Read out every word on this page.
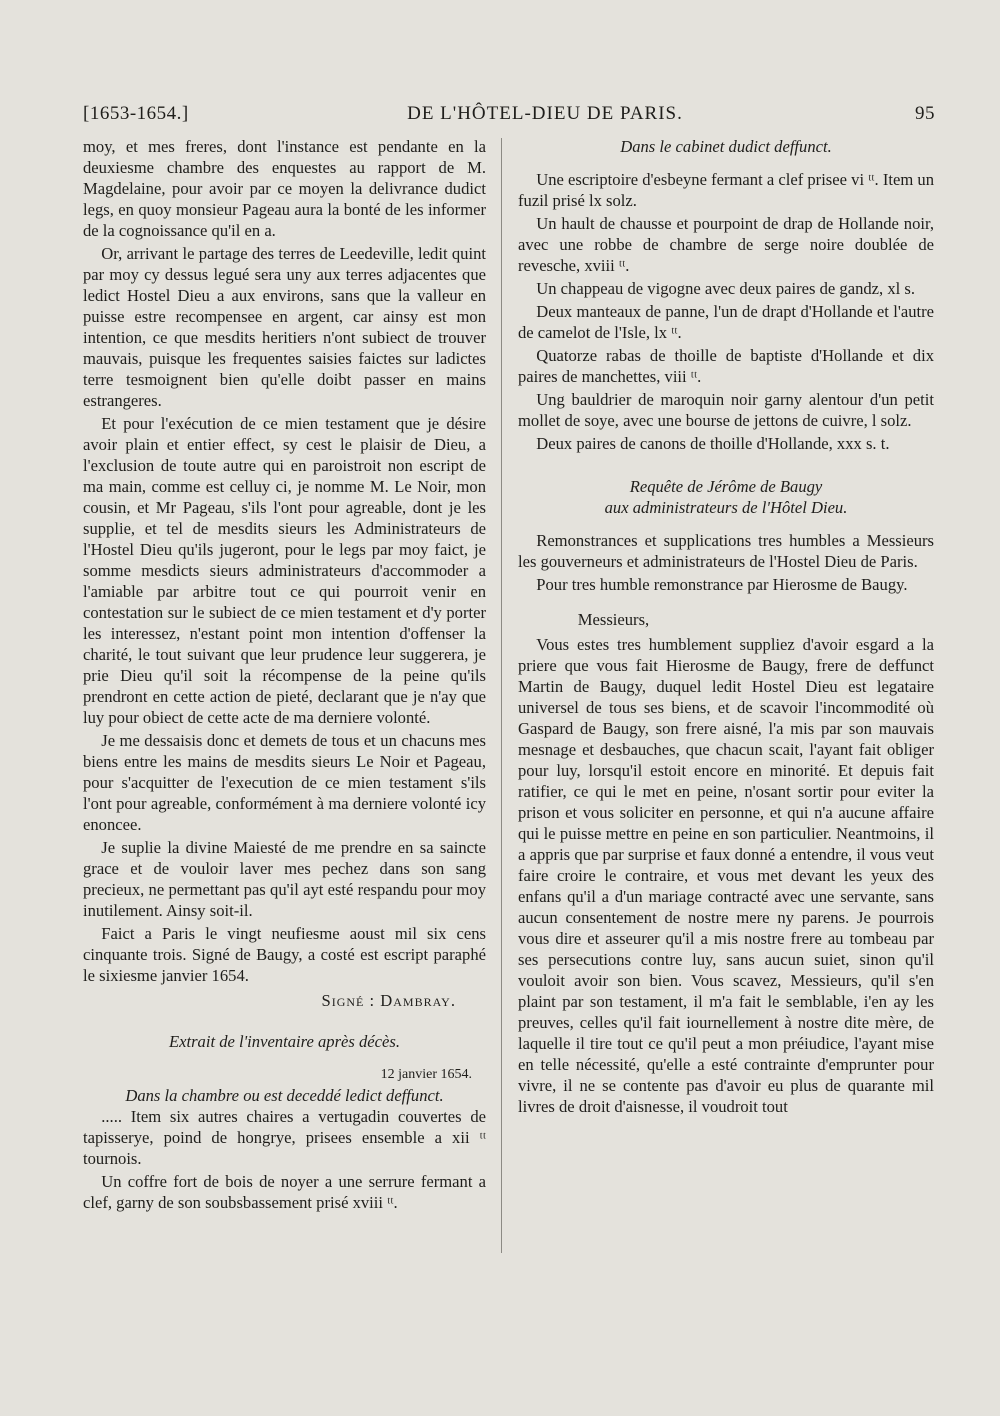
[1653-1654.]	DE L'HÔTEL-DIEU DE PARIS.	95

moy, et mes freres, dont l'instance est pendante en la deuxiesme chambre des enquestes au rapport de M. Magdelaine, pour avoir par ce moyen la delivrance dudict legs, en quoy monsieur Pageau aura la bonté de les informer de la cognoissance qu'il en a.

Or, arrivant le partage des terres de Leedeville, ledit quint par moy cy dessus legué sera uny aux terres adjacentes que ledict Hostel Dieu a aux environs, sans que la valleur en puisse estre recompensee en argent, car ainsy est mon intention, ce que mesdits heritiers n'ont subiect de trouver mauvais, puisque les frequentes saisies faictes sur ladictes terre tesmoignent bien qu'elle doibt passer en mains estrangeres.

Et pour l'exécution de ce mien testament que je désire avoir plain et entier effect, sy cest le plaisir de Dieu, a l'exclusion de toute autre qui en paroistroit non escript de ma main, comme est celluy ci, je nomme M. Le Noir, mon cousin, et Mr Pageau, s'ils l'ont pour agreable, dont je les supplie, et tel de mesdits sieurs les Administrateurs de l'Hostel Dieu qu'ils jugeront, pour le legs par moy faict, je somme mesdicts sieurs administrateurs d'accommoder a l'amiable par arbitre tout ce qui pourroit venir en contestation sur le subiect de ce mien testament et d'y porter les interessez, n'estant point mon intention d'offenser la charité, le tout suivant que leur prudence leur suggerera, je prie Dieu qu'il soit la récompense de la peine qu'ils prendront en cette action de pieté, declarant que je n'ay que luy pour obiect de cette acte de ma derniere volonté.

Je me dessaisis donc et demets de tous et un chacuns mes biens entre les mains de mesdits sieurs Le Noir et Pageau, pour s'acquitter de l'execution de ce mien testament s'ils l'ont pour agreable, conformément à ma derniere volonté icy enoncee.

Je suplie la divine Maiesté de me prendre en sa saincte grace et de vouloir laver mes pechez dans son sang precieux, ne permettant pas qu'il ayt esté respandu pour moy inutilement. Ainsy soit-il.

Faict a Paris le vingt neufiesme aoust mil six cens cinquante trois. Signé de Baugy, a costé est escript paraphé le sixiesme janvier 1654.

Signé : Dambray.

Extrait de l'inventaire après décès.

12 janvier 1654.

Dans la chambre ou est deceddé ledict deffunct.

..... Item six autres chaires a vertugadin couvertes de tapisserye, poind de hongrye, prisees ensemble a xii ᵗᵗ tournois.

Un coffre fort de bois de noyer a une serrure fermant a clef, garny de son soubsbassement prisé xviii ᵗᵗ.

Dans le cabinet dudict deffunct.

Une escriptoire d'esbeyne fermant a clef prisee vi ᵗᵗ. Item un fuzil prisé lx solz.

Un hault de chausse et pourpoint de drap de Hollande noir, avec une robbe de chambre de serge noire doublée de revesche, xviii ᵗᵗ.

Un chappeau de vigogne avec deux paires de gandz, xl s.

Deux manteaux de panne, l'un de drapt d'Hollande et l'autre de camelot de l'Isle, lx ᵗᵗ.

Quatorze rabas de thoille de baptiste d'Hollande et dix paires de manchettes, viii ᵗᵗ.

Ung bauldrier de maroquin noir garny alentour d'un petit mollet de soye, avec une bourse de jettons de cuivre, l solz.

Deux paires de canons de thoille d'Hollande, xxx s. t.

Requête de Jérôme de Baugy

aux administrateurs de l'Hôtel Dieu.

Remonstrances et supplications tres humbles a Messieurs les gouverneurs et administrateurs de l'Hostel Dieu de Paris.

Pour tres humble remonstrance par Hierosme de Baugy.

Messieurs,

Vous estes tres humblement suppliez d'avoir esgard a la priere que vous fait Hierosme de Baugy, frere de deffunct Martin de Baugy, duquel ledit Hostel Dieu est legataire universel de tous ses biens, et de scavoir l'incommodité où Gaspard de Baugy, son frere aisné, l'a mis par son mauvais mesnage et desbauches, que chacun scait, l'ayant fait obliger pour luy, lorsqu'il estoit encore en minorité. Et depuis fait ratifier, ce qui le met en peine, n'osant sortir pour eviter la prison et vous soliciter en personne, et qui n'a aucune affaire qui le puisse mettre en peine en son particulier. Neantmoins, il a appris que par surprise et faux donné a entendre, il vous veut faire croire le contraire, et vous met devant les yeux des enfans qu'il a d'un mariage contracté avec une servante, sans aucun consentement de nostre mere ny parens. Je pourrois vous dire et asseurer qu'il a mis nostre frere au tombeau par ses persecutions contre luy, sans aucun suiet, sinon qu'il vouloit avoir son bien. Vous scavez, Messieurs, qu'il s'en plaint par son testament, il m'a fait le semblable, i'en ay les preuves, celles qu'il fait iournellement à nostre dite mère, de laquelle il tire tout ce qu'il peut a mon préiudice, l'ayant mise en telle nécessité, qu'elle a esté contrainte d'emprunter pour vivre, il ne se contente pas d'avoir eu plus de quarante mil livres de droit d'aisnesse, il voudroit tout
